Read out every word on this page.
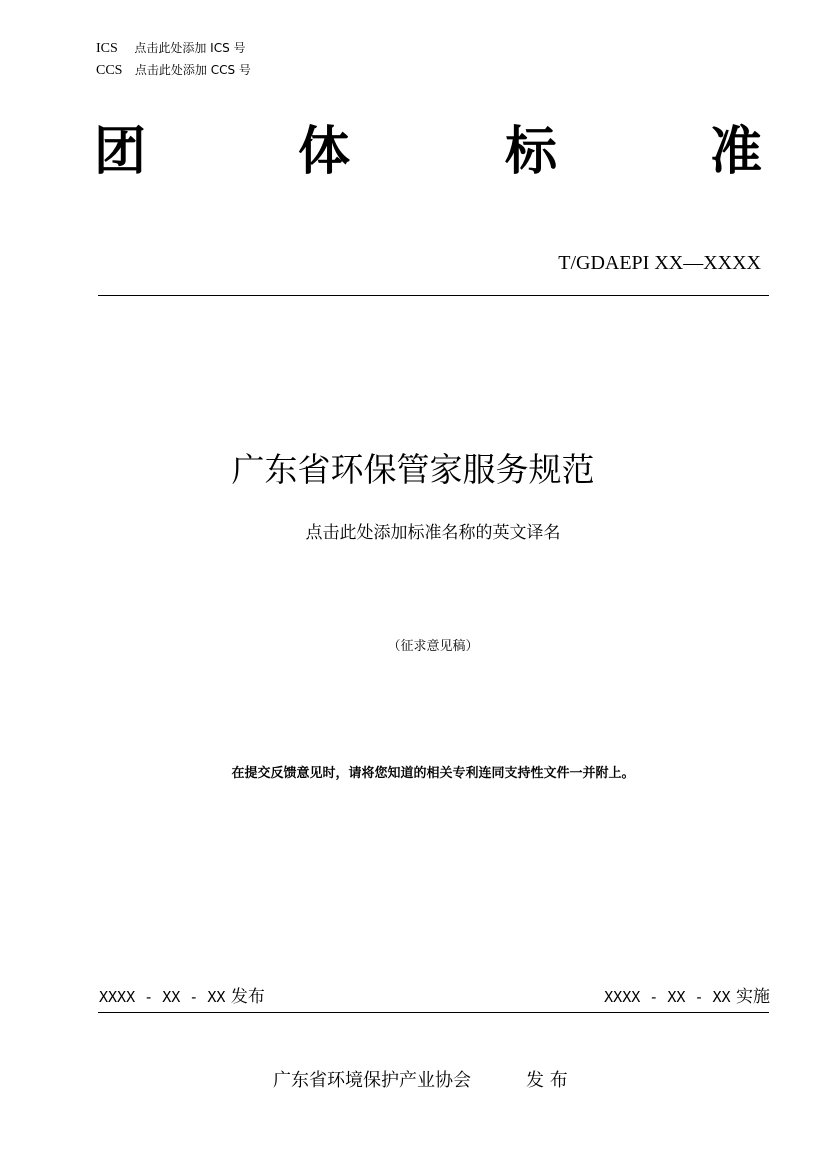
ICS 点击此处添加 ICS 号
CCS 点击此处添加 CCS 号
团	体	标	准
T/GDAEPI XX—XXXX
广东省环保管家服务规范
点击此处添加标准名称的英文译名
（征求意见稿）
在提交反馈意见时，请将您知道的相关专利连同支持性文件一并附上。
XXXX - XX - XX 发布	XXXX - XX - XX 实施
广东省环境保护产业协会	发 布
